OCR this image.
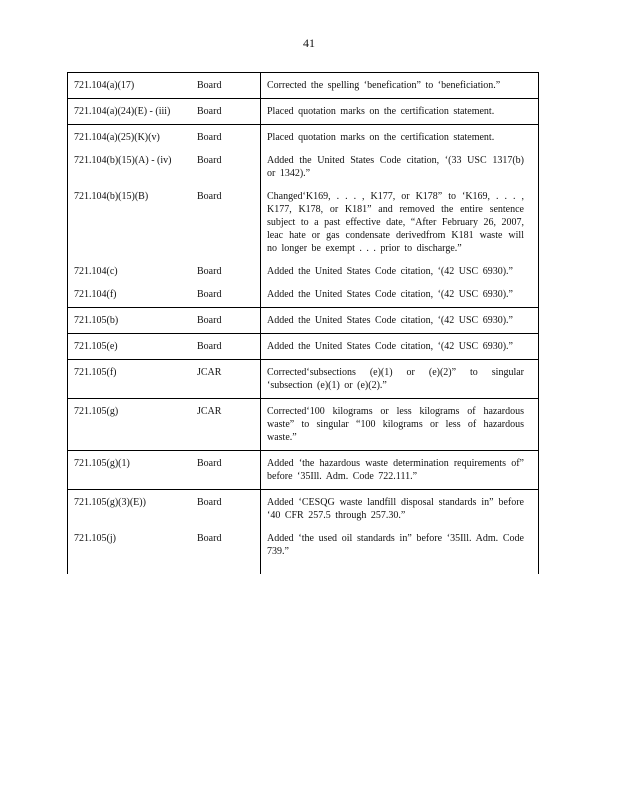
41
721.104(a)(17)	Board	Corrected the spelling ‘benefication” to ‘beneficiation.”
721.104(a)(24)(E) - (iii)	Board	Placed quotation marks on the certification statement.
721.104(a)(25)(K)(v)	Board	Placed quotation marks on the certification statement.
721.104(b)(15)(A) - (iv)	Board	Added the United States Code citation, ‘(33 USC 1317(b) or 1342).”
721.104(b)(15)(B)	Board	Changed‘K169, . . . , K177, or K178” to ‘K169, . . . , K177, K178, or K181” and removed the entire sentence subject to a past effective date, “After February 26, 2007, leac hate or gas condensate derivedfrom K181 waste will no longer be exempt . . . prior to discharge.”
721.104(c)	Board	Added the United States Code citation, ‘(42 USC 6930).”
721.104(f)	Board	Added the United States Code citation, ‘(42 USC 6930).”
721.105(b)	Board	Added the United States Code citation, ‘(42 USC 6930).”
721.105(e)	Board	Added the United States Code citation, ‘(42 USC 6930).”
721.105(f)	JCAR	Corrected‘subsections (e)(1) or (e)(2)” to singular ‘subsection (e)(1) or (e)(2).”
721.105(g)	JCAR	Corrected‘100 kilograms or less kilograms of hazardous waste” to singular “100 kilograms or less of hazardous waste.”
721.105(g)(1)	Board	Added ‘the hazardous waste determination requirements of” before ‘35Ill. Adm. Code 722.111.”
721.105(g)(3)(E))	Board	Added ‘CESQG waste landfill disposal standards in” before ‘40 CFR 257.5 through 257.30.”
721.105(j)	Board	Added ‘the used oil standards in” before ‘35Ill. Adm. Code 739.”
